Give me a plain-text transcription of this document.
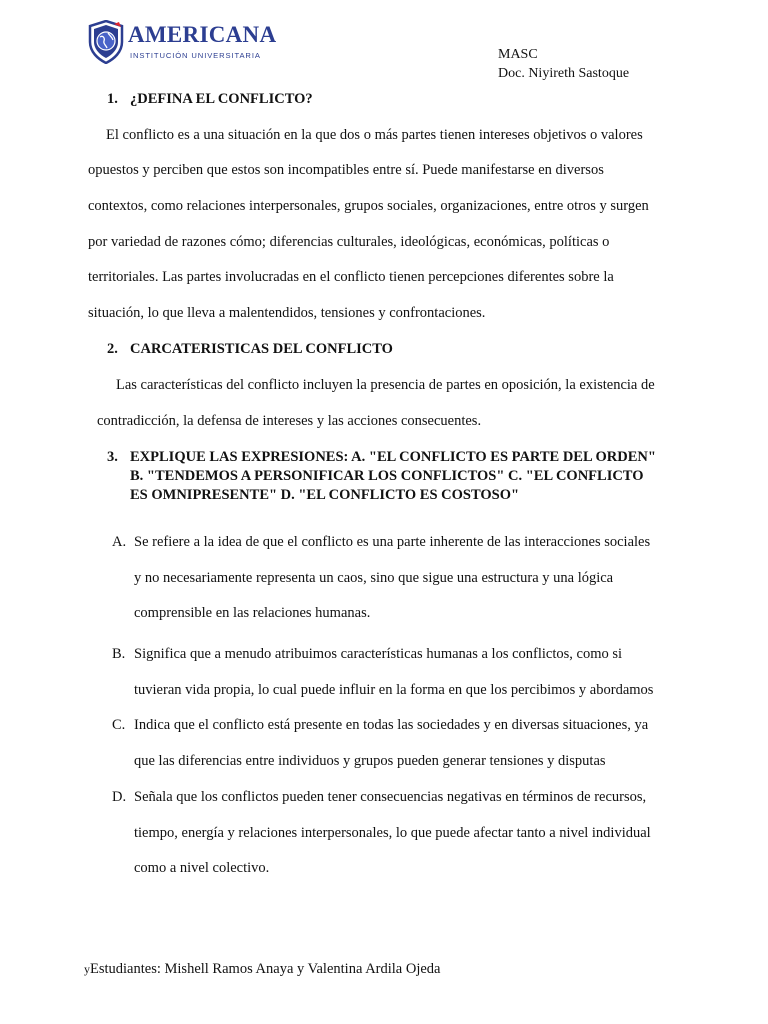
AMERICANA
INSTITUCIÓN UNIVERSITARIA	MASC
Doc. Niyireth Sastoque
1. ¿DEFINA EL CONFLICTO?
El conflicto es a una situación en la que dos o más partes tienen intereses objetivos o valores
opuestos y perciben que estos son incompatibles entre sí. Puede manifestarse en diversos
contextos, como relaciones interpersonales, grupos sociales, organizaciones, entre otros y surgen
por variedad de razones cómo; diferencias culturales, ideológicas, económicas, políticas o
territoriales. Las partes involucradas en el conflicto tienen percepciones diferentes sobre la
situación, lo que lleva a malentendidos, tensiones y confrontaciones.
2. CARCATERISTICAS DEL CONFLICTO
Las características del conflicto incluyen la presencia de partes en oposición, la existencia de
contradicción, la defensa de intereses y las acciones consecuentes.
3. EXPLIQUE LAS EXPRESIONES: A. "EL CONFLICTO ES PARTE DEL ORDEN"
B. "TENDEMOS A PERSONIFICAR LOS CONFLICTOS" C. "EL CONFLICTO
ES OMNIPRESENTE" D. "EL CONFLICTO ES COSTOSO"
A. Se refiere a la idea de que el conflicto es una parte inherente de las interacciones sociales
y no necesariamente representa un caos, sino que sigue una estructura y una lógica
comprensible en las relaciones humanas.
B. Significa que a menudo atribuimos características humanas a los conflictos, como si
tuvieran vida propia, lo cual puede influir en la forma en que los percibimos y abordamos
C. Indica que el conflicto está presente en todas las sociedades y en diversas situaciones, ya
que las diferencias entre individuos y grupos pueden generar tensiones y disputas
D. Señala que los conflictos pueden tener consecuencias negativas en términos de recursos,
tiempo, energía y relaciones interpersonales, lo que puede afectar tanto a nivel individual
como a nivel colectivo.
y Estudiantes: Mishell Ramos Anaya y Valentina Ardila Ojeda
